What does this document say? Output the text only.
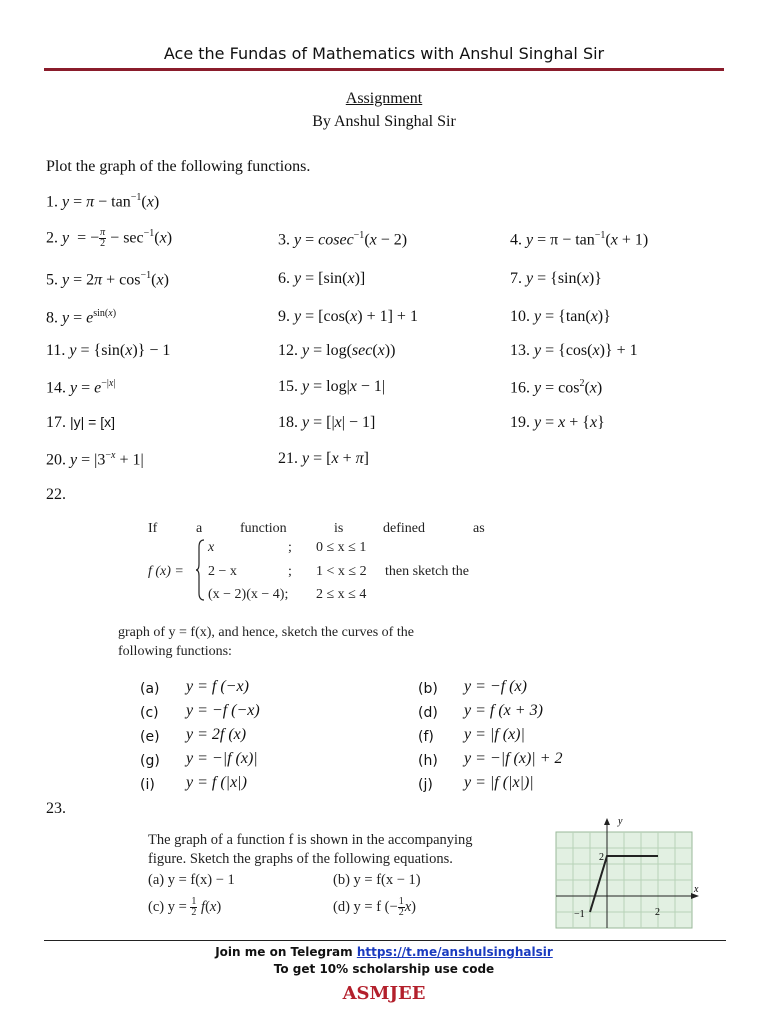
Ace the Fundas of Mathematics with Anshul Singhal Sir
Assignment
By Anshul Singhal Sir
Plot the graph of the following functions.
1. $y = \pi - \tan^{-1}(x)$
2. y  = − $\frac{\pi}{2} - \sec^{-1}(x)$	3. y = cosec$^{-1}$(x − 2)	4. $y = \pi - \tan^{-1}(x + 1)$
5. $y = 2\pi + \cos^{-1}(x)$	6. y = [sin(x)]	7. y = {sin(x)}
8. $y = e^{sin(x)}$	9. y = [cos(x) + 1] + 1	10. y = {tan(x)}
11. y = {sin(x)} − 1	12. y = log(sec(x))	13. y = {cos(x)} + 1
14. $y = e^{-|x|}$	15. y = log|x − 1|	16. $y = \cos^2(x)$
17. |y| = [x]	18. y = [|x| − 1]	19. y = x + {x}
20. $y = |3^{-x} + 1|$	21. y = [x + π]
22.
If	a	function	is	defined	as
f (x) =
x	; 0 ≤ x ≤ 1
2 − x	; 1 < x ≤ 2 then sketch the
(x − 2)(x − 4); 2 ≤ x ≤ 4
graph of y = f(x), and hence, sketch the curves of the
following functions:
(a) y = f (−x)	(b) y = −f (x)
(c) y = −f (−x)	(d) y = f (x + 3)
(e) y = 2f (x)	(f) y = |f (x)|
(g) y = −|f (x)|	(h) y = −|f (x)| + 2
(i) y = f (|x|)	(j) y = |f (|x|)|
23.
The graph of a function f is shown in the accompanying
figure. Sketch the graphs of the following equations.
(a) y = f(x) − 1	(b) y = f(x − 1)
(c) $y = \frac{1}{2} f(x)$	(d) y = f (− $\frac{1}{2} x$)
y
x
2
−1	2
Join me on Telegram https://t.me/anshulsinghalsir
To get 10% scholarship use code
ASMJEE
